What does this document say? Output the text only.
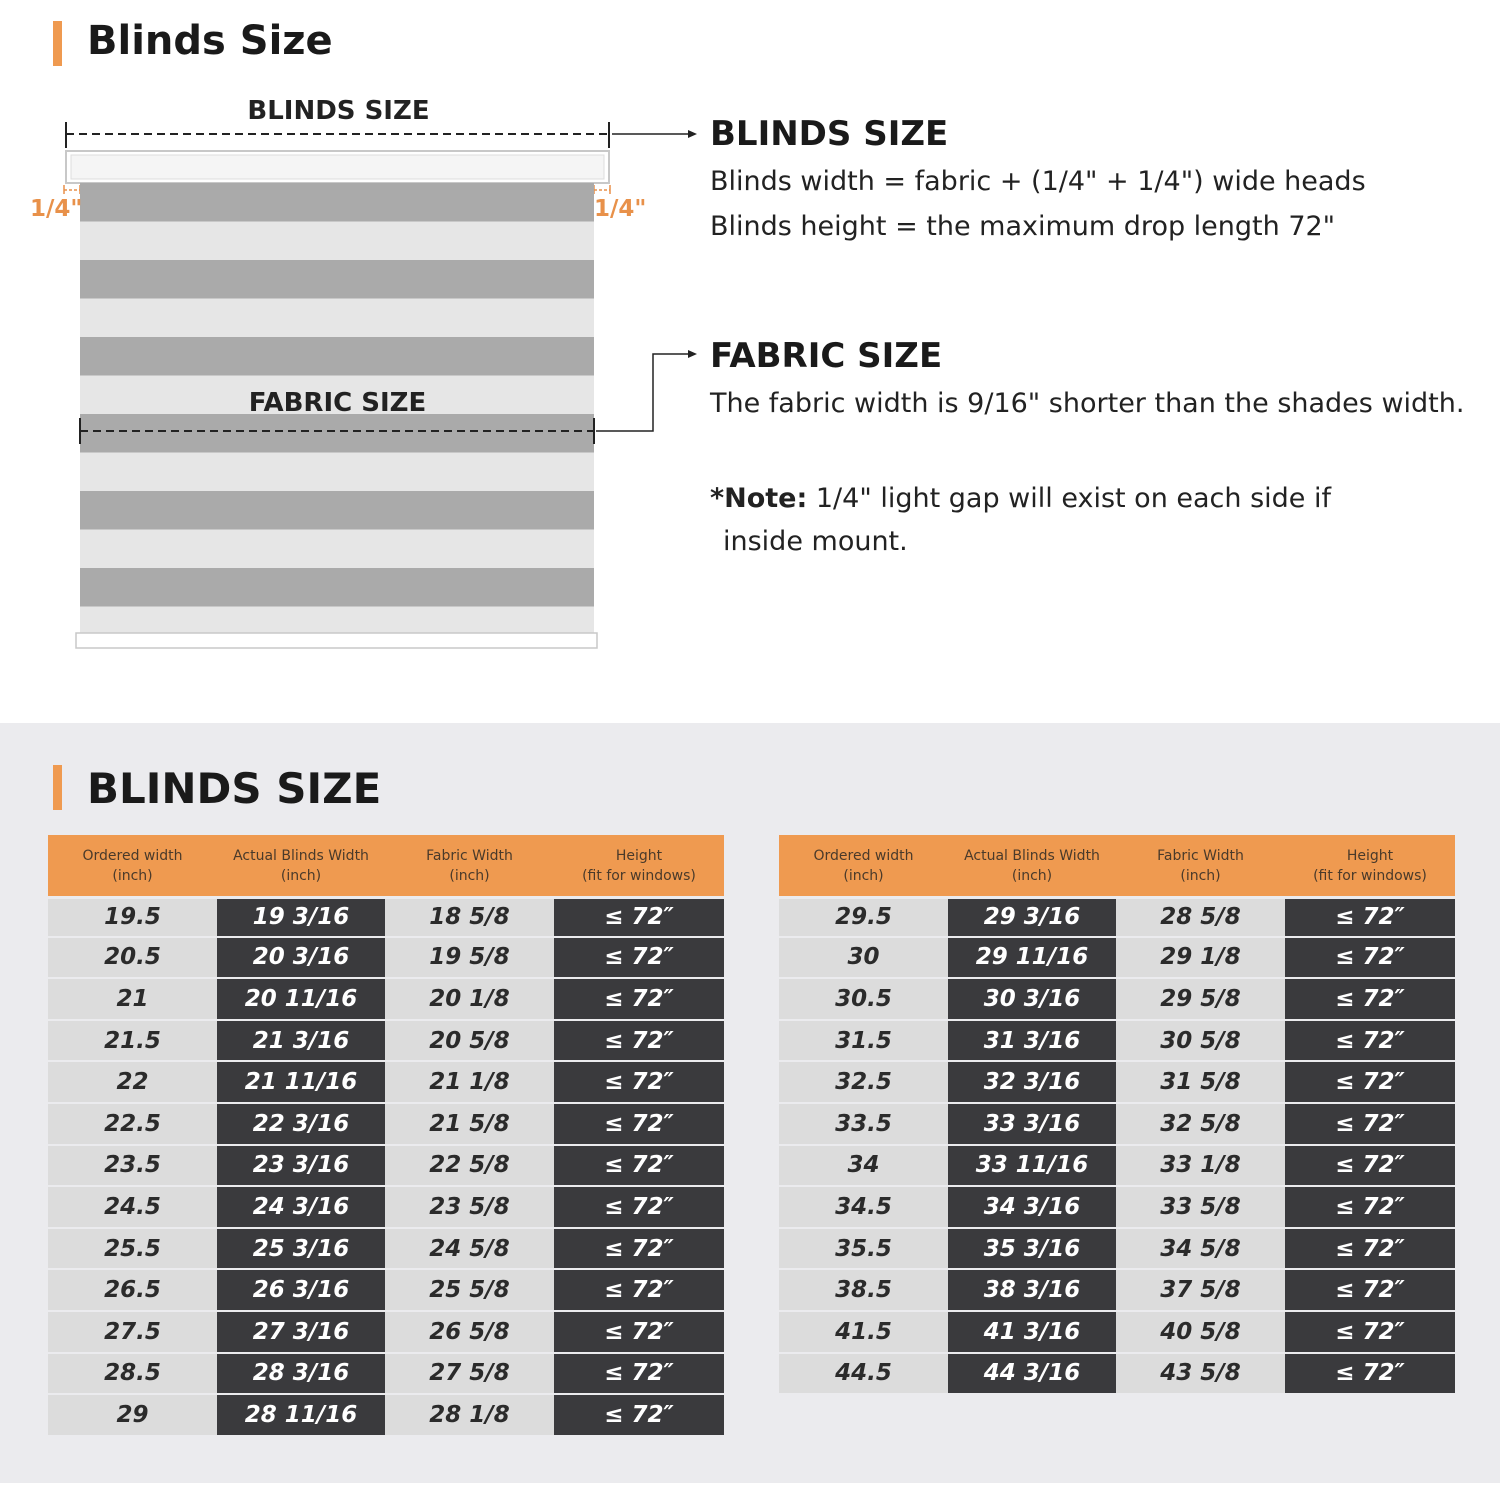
Blinds Size
BLINDS SIZE
FABRIC SIZE
1/4"	1/4"
BLINDS SIZE
Blinds width = fabric + (1/4" + 1/4") wide heads
Blinds height = the maximum drop length 72"
FABRIC SIZE
The fabric width is 9/16" shorter than the shades width.
*Note: 1/4" light gap will exist on each side if
inside mount.
BLINDS SIZE
Ordered width
(inch)	Actual Blinds Width
(inch)	Fabric Width
(inch)	Height
(fit for windows)

19.5	19 3/16	18 5/8	≤ 72″
20.5	20 3/16	19 5/8	≤ 72″
21	20 11/16	20 1/8	≤ 72″
21.5	21 3/16	20 5/8	≤ 72″
22	21 11/16	21 1/8	≤ 72″
22.5	22 3/16	21 5/8	≤ 72″
23.5	23 3/16	22 5/8	≤ 72″
24.5	24 3/16	23 5/8	≤ 72″
25.5	25 3/16	24 5/8	≤ 72″
26.5	26 3/16	25 5/8	≤ 72″
27.5	27 3/16	26 5/8	≤ 72″
28.5	28 3/16	27 5/8	≤ 72″
29	28 11/16	28 1/8	≤ 72″
Ordered width
(inch)	Actual Blinds Width
(inch)	Fabric Width
(inch)	Height
(fit for windows)

29.5	29 3/16	28 5/8	≤ 72″
30	29 11/16	29 1/8	≤ 72″
30.5	30 3/16	29 5/8	≤ 72″
31.5	31 3/16	30 5/8	≤ 72″
32.5	32 3/16	31 5/8	≤ 72″
33.5	33 3/16	32 5/8	≤ 72″
34	33 11/16	33 1/8	≤ 72″
34.5	34 3/16	33 5/8	≤ 72″
35.5	35 3/16	34 5/8	≤ 72″
38.5	38 3/16	37 5/8	≤ 72″
41.5	41 3/16	40 5/8	≤ 72″
44.5	44 3/16	43 5/8	≤ 72″
